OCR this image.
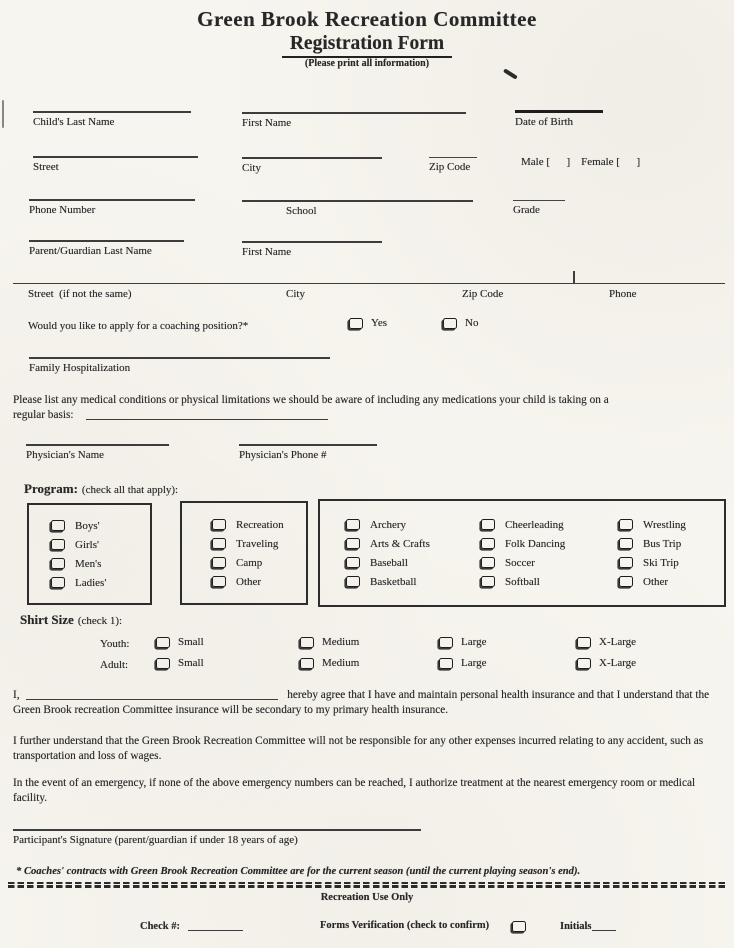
Green Brook Recreation Committee
Registration Form
(Please print all information)
Child's Last Name	First Name	Date of Birth

Male [      ]    Female [      ]

Street	City	Zip Code
Phone Number	School	Grade
Parent/Guardian Last Name	First Name
Street  (if not the same)	City	Zip Code	Phone
Would you like to apply for a coaching position?*	Yes	No
Family Hospitalization
Please list any medical conditions or physical limitations we should be aware of including any medications your child is taking on a
regular basis:
Physician's Name	Physician's Phone #
Program: (check all that apply):
Boys'
Girls'
Men's
Ladies'
Recreation
Traveling
Camp
Other
Archery
Arts & Crafts
Baseball
Basketball
Cheerleading
Folk Dancing
Soccer
Softball
Wrestling
Bus Trip
Ski Trip
Other
Shirt Size (check 1):
Youth:	Small	Medium	Large	X-Large
Adult:	Small	Medium	Large	X-Large
I,	hereby agree that I have and maintain personal health insurance and that I understand that the Green Brook recreation Committee insurance will be secondary to my primary health insurance.
I further understand that the Green Brook Recreation Committee will not be responsible for any other expenses incurred relating to any accident, such as transportation and loss of wages.
In the event of an emergency, if none of the above emergency numbers can be reached, I authorize treatment at the nearest emergency room or medical facility.
Participant's Signature (parent/guardian if under 18 years of age)
* Coaches' contracts with Green Brook Recreation Committee are for the current season (until the current playing season's end).
Recreation Use Only
Check #:	Forms Verification (check to confirm)	Initials
